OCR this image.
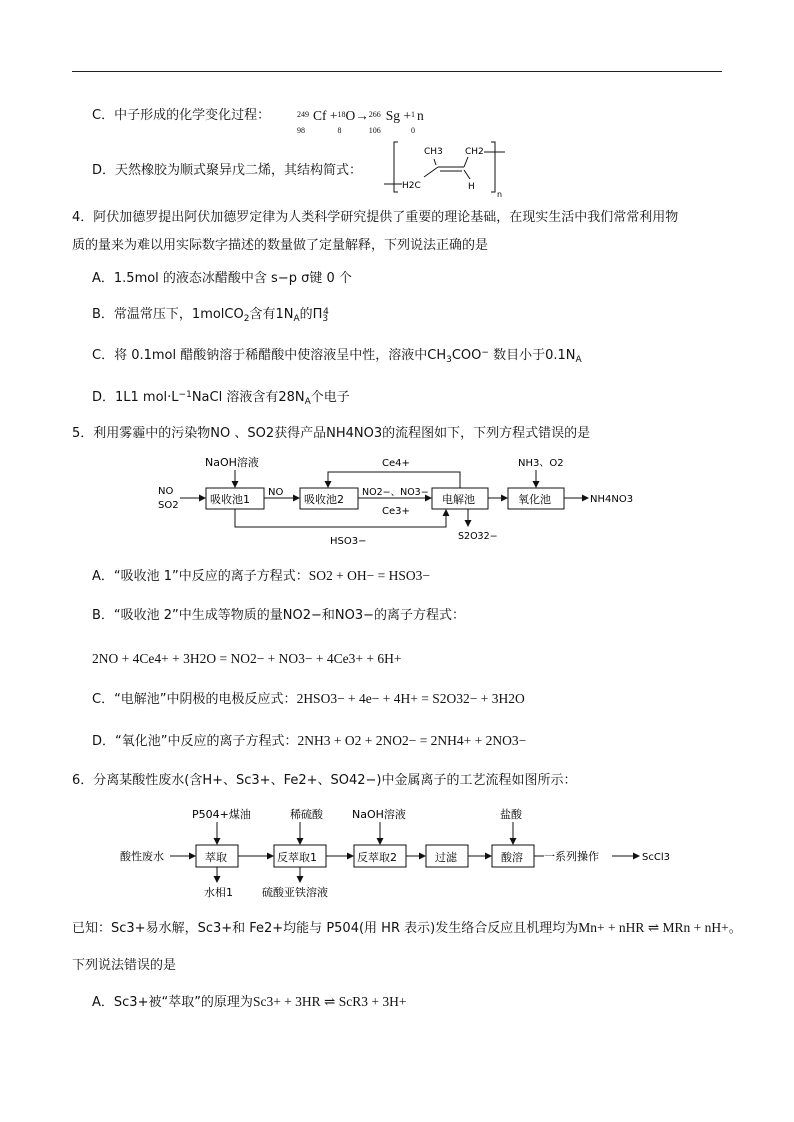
C．中子形成的化学变化过程：	249
98
Cf + 18
8
O→ 266
106
Sg + 1
0
n
D．天然橡胶为顺式聚异戊二烯，其结构简式：
CH3 CH2
H2C	H
n
4．阿伏加德罗提出阿伏加德罗定律为人类科学研究提供了重要的理论基础，在现实生活中我们常常利用物
质的量来为难以用实际数字描述的数量做了定量解释，下列说法正确的是
A．1.5mol 的液态冰醋酸中含 s−p σ键 0 个
B．常温常压下，1molCO$_2$含有$1N_A$的$\Pi_3^4$
C．将 0.1mol 醋酸钠溶于稀醋酸中使溶液呈中性，溶液中$CH_3COO^-$ 数目小于$0.1N_A$
D．1L1 $mol\cdot L^{-1}NaCl$ 溶液含有$28N_A$个电子
5．利用雾霾中的污染物NO 、SO2获得产品NH4NO3的流程图如下，下列方程式错误的是
NaOH溶液	Ce4+	NH3、O2
NO
SO2	吸收池1	吸收池2	电解池	氧化池
NO	NO2−、NO3−
NH4NO3
Ce3+
HSO3−	S2O32−
A．“吸收池 1”中反应的离子方程式：SO2 + OH− = HSO3−
B．“吸收池 2”中生成等物质的量NO2−和NO3−的离子方程式：
2NO + 4Ce4+ + 3H2O = NO2− + NO3− + 4Ce3+ + 6H+
C．“电解池”中阴极的电极反应式：2HSO3− + 4e− + 4H+ = S2O32− + 3H2O
D．“氧化池”中反应的离子方程式：2NH3 + O2 + 2NO2− = 2NH4+ + 2NO3−
6．分离某酸性废水(含H+、Sc3+、Fe2+、SO42−)中金属离子的工艺流程如图所示：
P504+煤油	稀硫酸	NaOH溶液	盐酸
酸性废水	萃取	反萃取1	反萃取2	过滤	酸溶 一系列操作	ScCl3
水相1	硫酸亚铁溶液
已知：Sc3+易水解，Sc3+和 Fe2+均能与 P504(用 HR 表示)发生络合反应且机理均为Mn+ + nHR ⇌ MRn + nH+。
下列说法错误的是
A．Sc3+被“萃取”的原理为Sc3+ + 3HR ⇌ ScR3 + 3H+
